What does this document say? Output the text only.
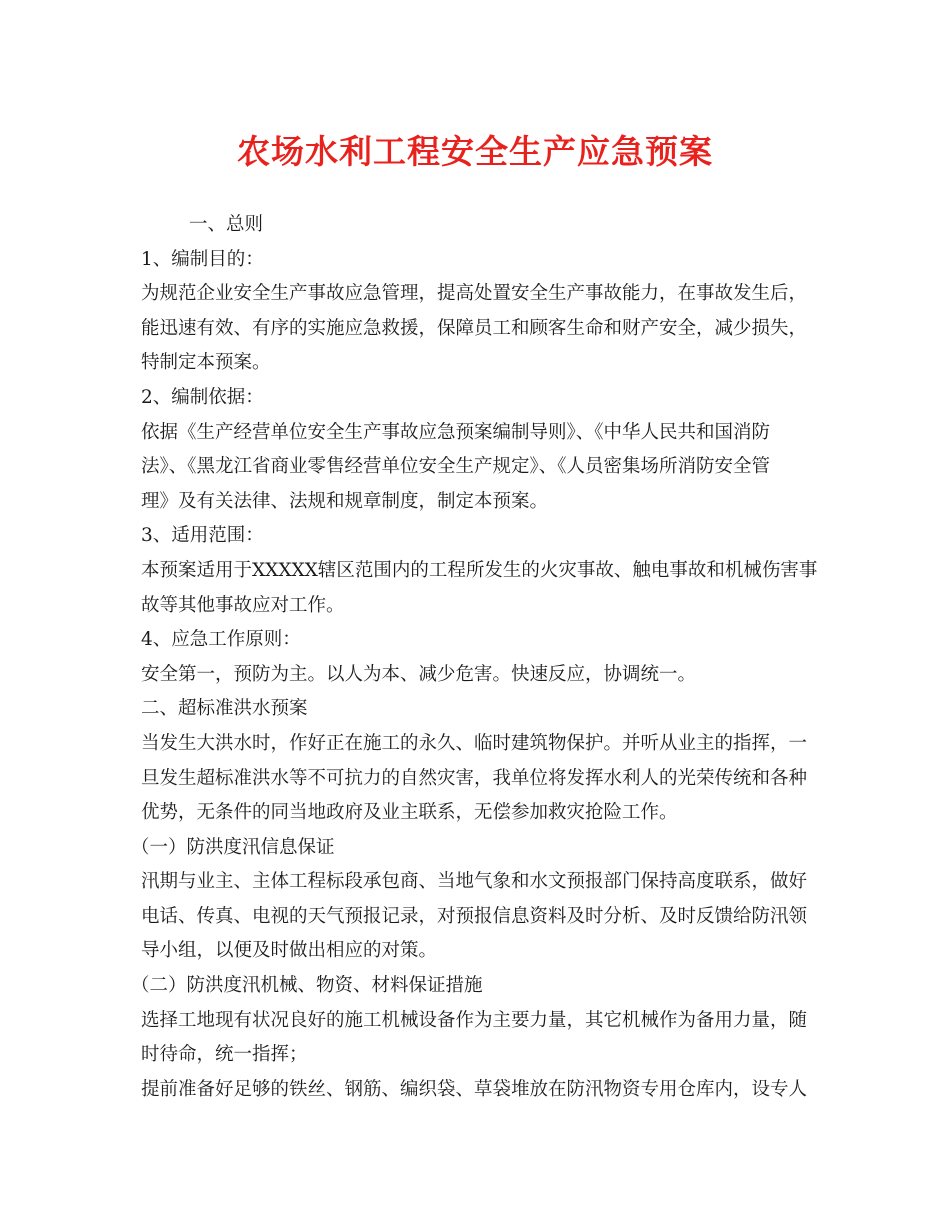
农场水利工程安全生产应急预案

一、总则

1、编制目的：

为规范企业安全生产事故应急管理，提高处置安全生产事故能力，在事故发生后，

能迅速有效、有序的实施应急救援，保障员工和顾客生命和财产安全，减少损失，

特制定本预案。

2、编制依据：

依据《生产经营单位安全生产事故应急预案编制导则》、《中华人民共和国消防

法》、《黑龙江省商业零售经营单位安全生产规定》、《人员密集场所消防安全管

理》及有关法律、法规和规章制度，制定本预案。

3、适用范围：

本预案适用于XXXXX辖区范围内的工程所发生的火灾事故、触电事故和机械伤害事

故等其他事故应对工作。

4、应急工作原则：

安全第一，预防为主。以人为本、减少危害。快速反应，协调统一。

二、超标准洪水预案

当发生大洪水时，作好正在施工的永久、临时建筑物保护。并听从业主的指挥，一

旦发生超标准洪水等不可抗力的自然灾害，我单位将发挥水利人的光荣传统和各种

优势，无条件的同当地政府及业主联系，无偿参加救灾抢险工作。

（一）防洪度汛信息保证

汛期与业主、主体工程标段承包商、当地气象和水文预报部门保持高度联系，做好

电话、传真、电视的天气预报记录，对预报信息资料及时分析、及时反馈给防汛领

导小组，以便及时做出相应的对策。

（二）防洪度汛机械、物资、材料保证措施

选择工地现有状况良好的施工机械设备作为主要力量，其它机械作为备用力量，随

时待命，统一指挥；

提前准备好足够的铁丝、钢筋、编织袋、草袋堆放在防汛物资专用仓库内，设专人
